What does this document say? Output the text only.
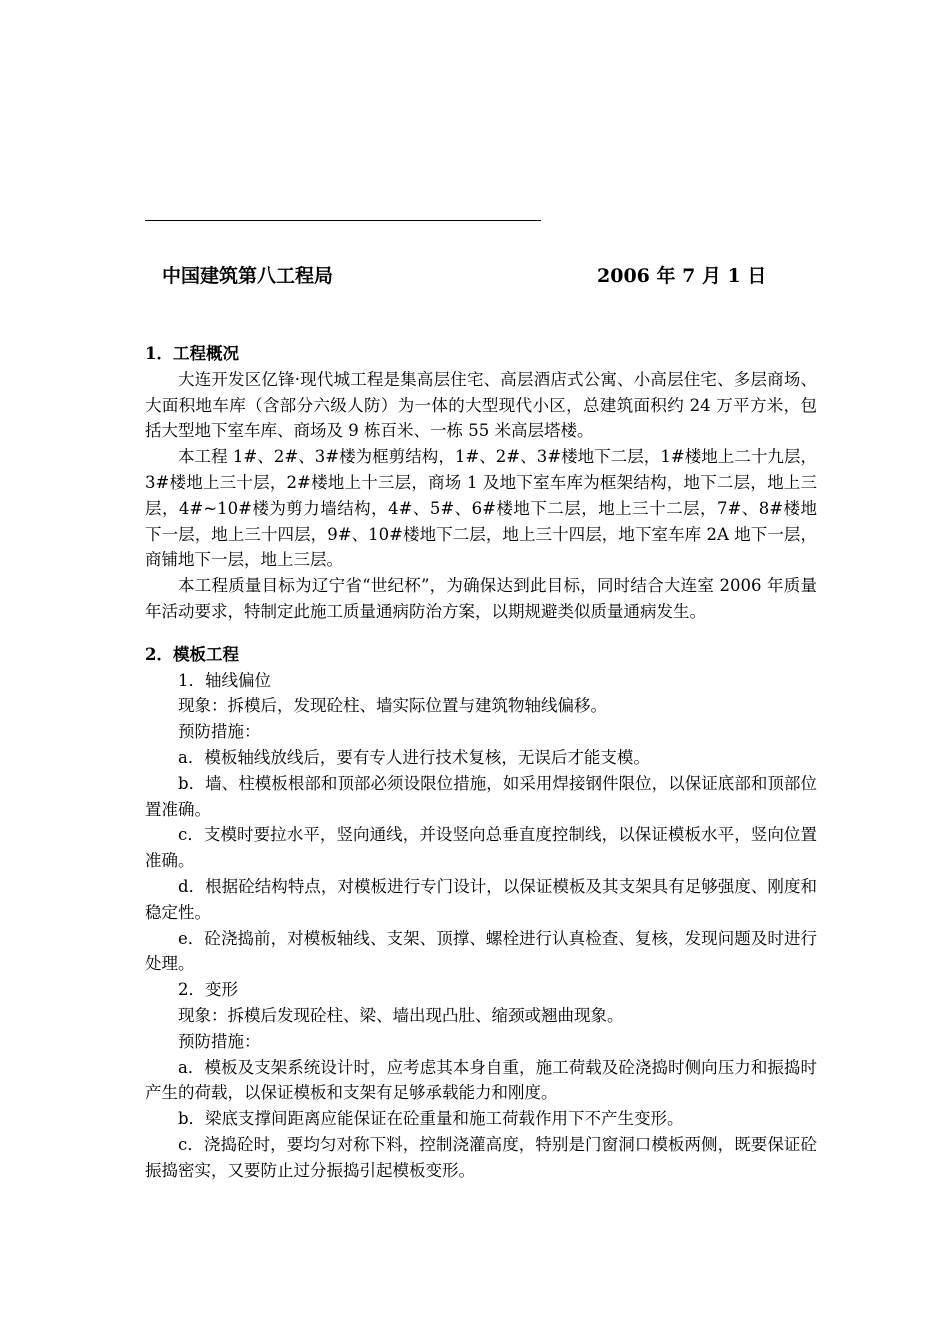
中国建筑第八工程局	2006 年 7 月 1 日

1．工程概况

大连开发区亿锋·现代城工程是集高层住宅、高层酒店式公寓、小高层住宅、多层商场、大面积地车库（含部分六级人防）为一体的大型现代小区，总建筑面积约 24 万平方米，包括大型地下室车库、商场及 9 栋百米、一栋 55 米高层塔楼。

本工程 1#、2#、3#楼为框剪结构，1#、2#、3#楼地下二层，1#楼地上二十九层，3#楼地上三十层，2#楼地上十三层，商场 1 及地下室车库为框架结构，地下二层，地上三层，4#~10#楼为剪力墙结构，4#、5#、6#楼地下二层，地上三十二层，7#、8#楼地下一层，地上三十四层，9#、10#楼地下二层，地上三十四层，地下室车库 2A 地下一层，商铺地下一层，地上三层。

本工程质量目标为辽宁省“世纪杯”，为确保达到此目标，同时结合大连室 2006 年质量年活动要求，特制定此施工质量通病防治方案，以期规避类似质量通病发生。

2．模板工程

1．轴线偏位

现象：拆模后，发现砼柱、墙实际位置与建筑物轴线偏移。

预防措施：

a．模板轴线放线后，要有专人进行技术复核，无误后才能支模。

b．墙、柱模板根部和顶部必须设限位措施，如采用焊接钢件限位，以保证底部和顶部位置准确。

c．支模时要拉水平，竖向通线，并设竖向总垂直度控制线，以保证模板水平，竖向位置准确。

d．根据砼结构特点，对模板进行专门设计，以保证模板及其支架具有足够强度、刚度和稳定性。

e．砼浇捣前，对模板轴线、支架、顶撑、螺栓进行认真检查、复核，发现问题及时进行处理。

2．变形

现象：拆模后发现砼柱、梁、墙出现凸肚、缩颈或翘曲现象。

预防措施：

a．模板及支架系统设计时，应考虑其本身自重，施工荷载及砼浇捣时侧向压力和振捣时产生的荷载，以保证模板和支架有足够承载能力和刚度。

b．梁底支撑间距离应能保证在砼重量和施工荷载作用下不产生变形。

c．浇捣砼时，要均匀对称下料，控制浇灌高度，特别是门窗洞口模板两侧，既要保证砼振捣密实，又要防止过分振捣引起模板变形。
